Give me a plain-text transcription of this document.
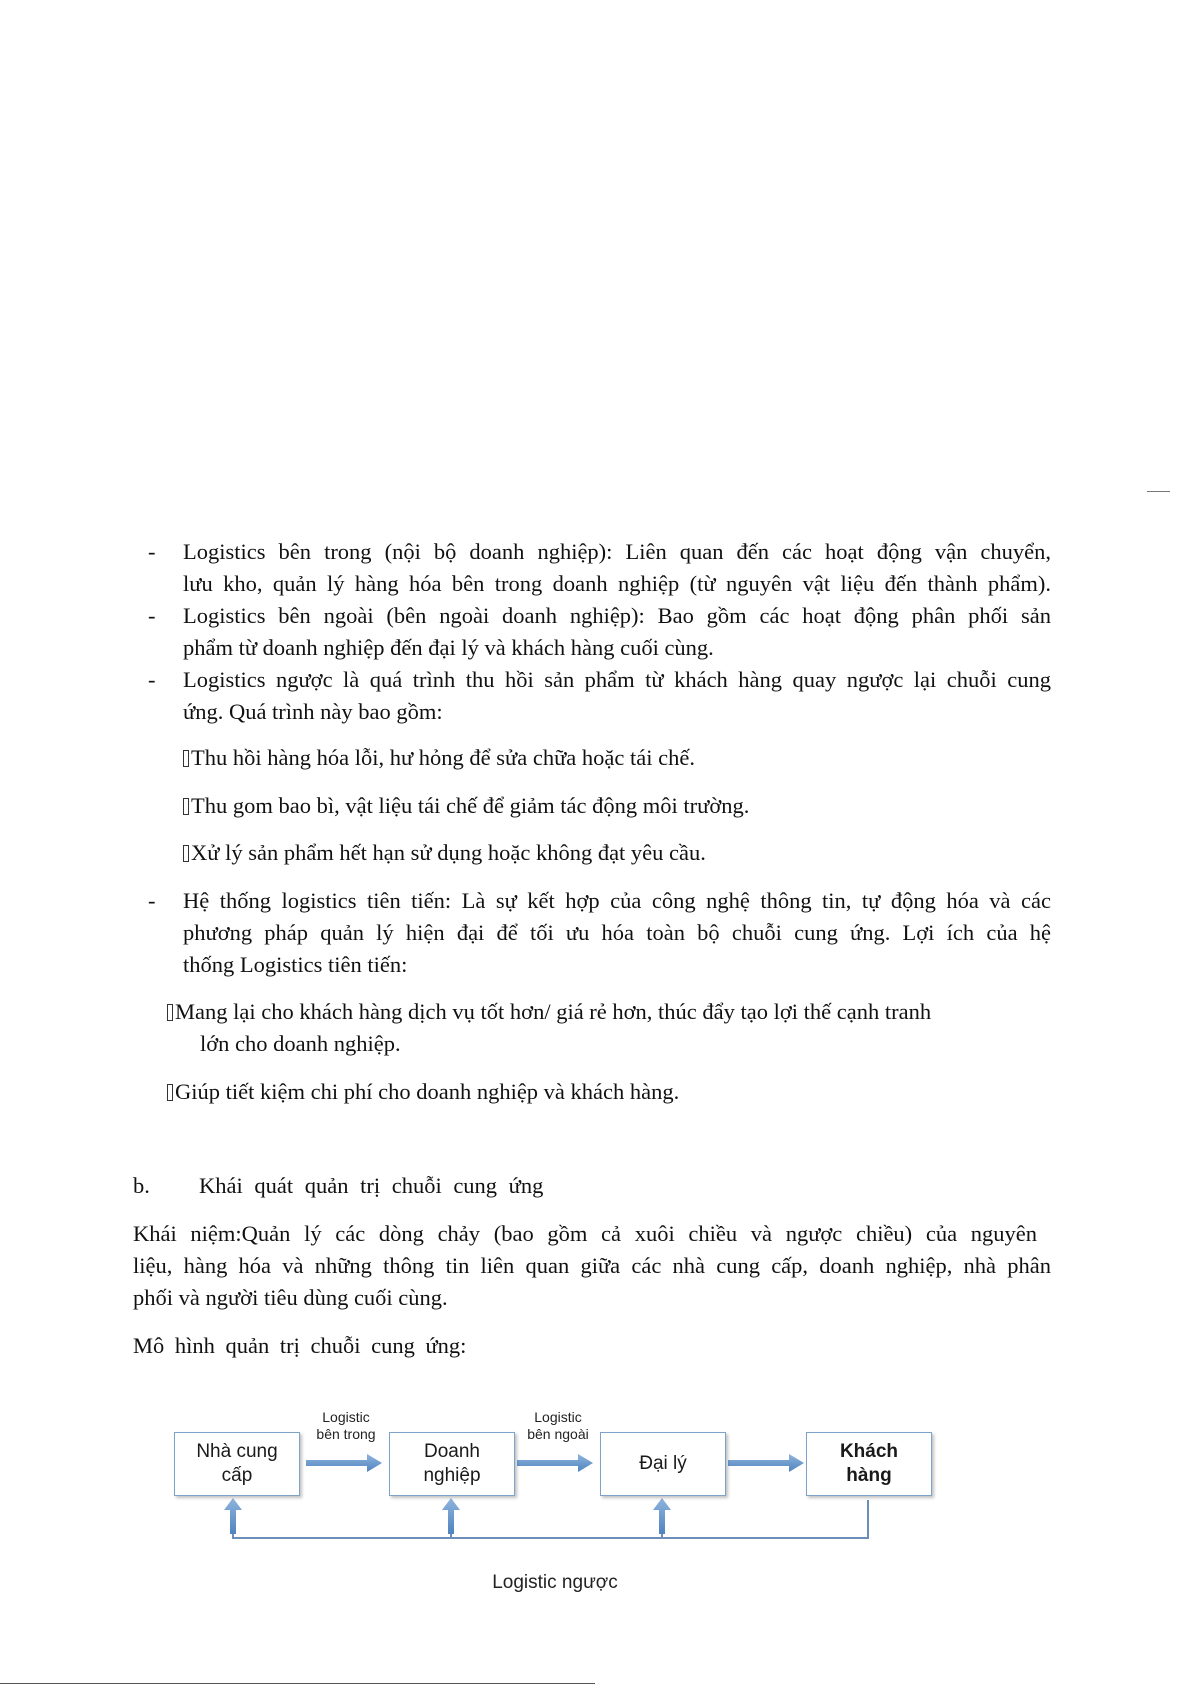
- Logistics bên trong (nội bộ doanh nghiệp): Liên quan đến các hoạt động vận chuyển,
lưu kho, quản lý hàng hóa bên trong doanh nghiệp (từ nguyên vật liệu đến thành phẩm).
- Logistics bên ngoài (bên ngoài doanh nghiệp): Bao gồm các hoạt động phân phối sản
phẩm từ doanh nghiệp đến đại lý và khách hàng cuối cùng.
- Logistics ngược là quá trình thu hồi sản phẩm từ khách hàng quay ngược lại chuỗi cung
ứng. Quá trình này bao gồm:
Thu hồi hàng hóa lỗi, hư hỏng để sửa chữa hoặc tái chế.
Thu gom bao bì, vật liệu tái chế để giảm tác động môi trường.
Xử lý sản phẩm hết hạn sử dụng hoặc không đạt yêu cầu.
- Hệ thống logistics tiên tiến: Là sự kết hợp của công nghệ thông tin, tự động hóa và các
phương pháp quản lý hiện đại để tối ưu hóa toàn bộ chuỗi cung ứng. Lợi ích của hệ
thống Logistics tiên tiến:
Mang lại cho khách hàng dịch vụ tốt hơn/ giá rẻ hơn, thúc đẩy tạo lợi thế cạnh tranh
lớn cho doanh nghiệp.
Giúp tiết kiệm chi phí cho doanh nghiệp và khách hàng.
b. Khái quát quản trị chuỗi cung ứng
Khái niệm:Quản lý các dòng chảy (bao gồm cả xuôi chiều và ngược chiều) của nguyên
liệu, hàng hóa và những thông tin liên quan giữa các nhà cung cấp, doanh nghiệp, nhà phân
phối và người tiêu dùng cuối cùng.
Mô hình quản trị chuỗi cung ứng:
Logistic
bên trong
Logistic
bên ngoài
Nhà cung
cấp
Doanh
nghiệp
Đại lý
Khách
hàng
Logistic ngược
